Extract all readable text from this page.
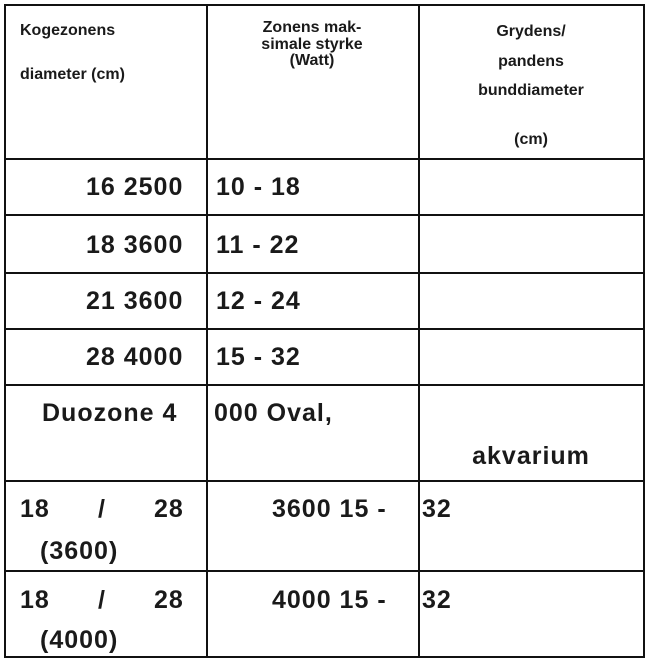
Kogezonens
diameter (cm)
Zonens mak-
simale styrke
(Watt)
Grydens/
pandens
bunddiameter
(cm)
16 2500 10 - 18
18 3600 11 - 22
21 3600 12 - 24
28 4000 15 - 32
Duozone 4 000 Oval,
akvarium
18 / 28
(3600)
3600 15 - 32
18 / 28
(4000)
4000 15 - 32
